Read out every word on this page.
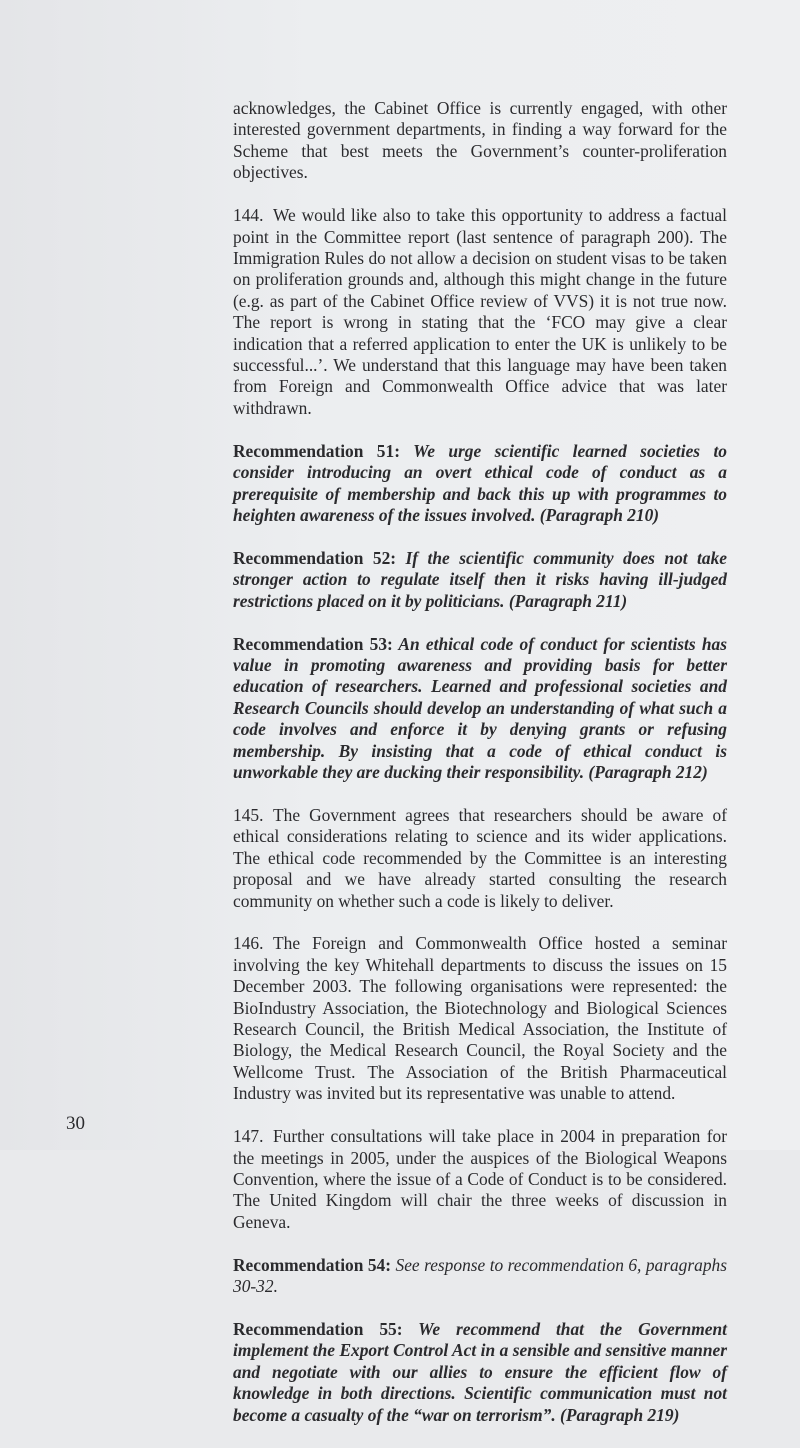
acknowledges, the Cabinet Office is currently engaged, with other interested government departments, in finding a way forward for the Scheme that best meets the Government’s counter-proliferation objectives.

144. We would like also to take this opportunity to address a factual point in the Committee report (last sentence of paragraph 200). The Immigration Rules do not allow a decision on student visas to be taken on proliferation grounds and, although this might change in the future (e.g. as part of the Cabinet Office review of VVS) it is not true now. The report is wrong in stating that the ‘FCO may give a clear indication that a referred application to enter the UK is unlikely to be successful...’. We understand that this language may have been taken from Foreign and Commonwealth Office advice that was later withdrawn.

Recommendation 51: We urge scientific learned societies to consider introducing an overt ethical code of conduct as a prerequisite of membership and back this up with programmes to heighten awareness of the issues involved. (Paragraph 210)

Recommendation 52: If the scientific community does not take stronger action to regulate itself then it risks having ill-judged restrictions placed on it by politicians. (Paragraph 211)

Recommendation 53: An ethical code of conduct for scientists has value in promoting awareness and providing basis for better education of researchers. Learned and professional societies and Research Councils should develop an understanding of what such a code involves and enforce it by denying grants or refusing membership. By insisting that a code of ethical conduct is unworkable they are ducking their responsibility. (Paragraph 212)

145. The Government agrees that researchers should be aware of ethical considerations relating to science and its wider applications. The ethical code recommended by the Committee is an interesting proposal and we have already started consulting the research community on whether such a code is likely to deliver.

146. The Foreign and Commonwealth Office hosted a seminar involving the key Whitehall departments to discuss the issues on 15 December 2003. The following organisations were represented: the BioIndustry Association, the Biotechnology and Biological Sciences Research Council, the British Medical Association, the Institute of Biology, the Medical Research Council, the Royal Society and the Wellcome Trust. The Association of the British Pharmaceutical Industry was invited but its representative was unable to attend.

147. Further consultations will take place in 2004 in preparation for the meetings in 2005, under the auspices of the Biological Weapons Convention, where the issue of a Code of Conduct is to be considered. The United Kingdom will chair the three weeks of discussion in Geneva.

Recommendation 54: See response to recommendation 6, paragraphs 30-32.

Recommendation 55: We recommend that the Government implement the Export Control Act in a sensible and sensitive manner and negotiate with our allies to ensure the efficient flow of knowledge in both directions. Scientific communication must not become a casualty of the “war on terrorism”. (Paragraph 219)

30
